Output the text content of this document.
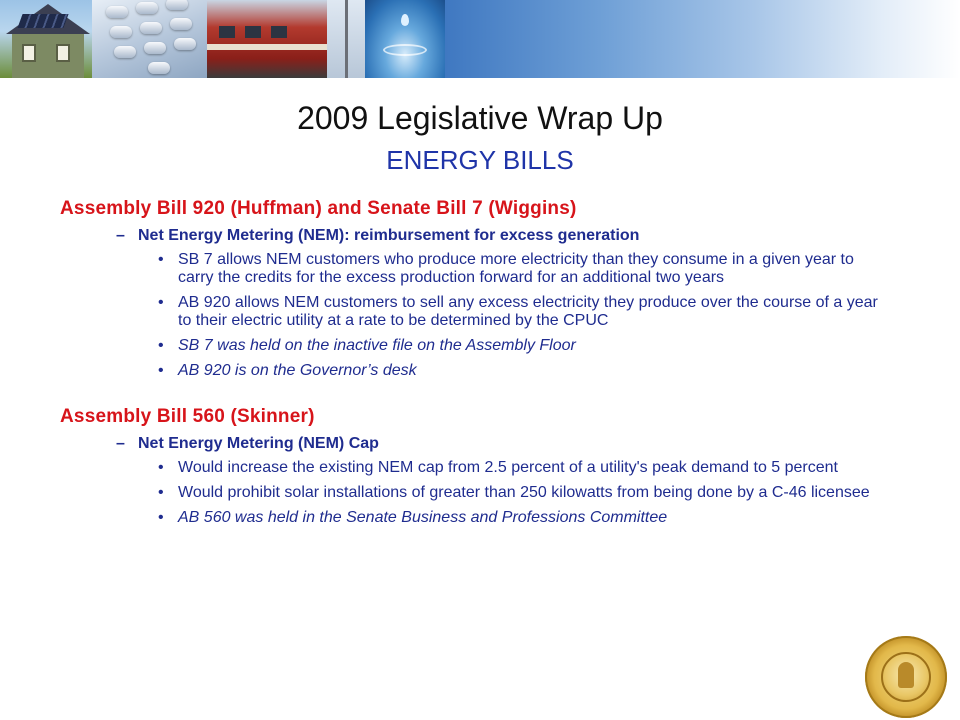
2009 Legislative Wrap Up
ENERGY BILLS
Assembly Bill 920 (Huffman) and Senate Bill 7 (Wiggins)
– Net Energy Metering (NEM): reimbursement for excess generation
• SB 7 allows NEM customers who produce more electricity than they consume in a given year to carry the credits for the excess production forward for an additional two years
• AB 920 allows NEM customers to sell any excess electricity they produce over the course of a year to their electric utility at a rate to be determined by the CPUC
• SB 7 was held on the inactive file on the Assembly Floor
• AB 920 is on the Governor’s desk
Assembly Bill 560 (Skinner)
– Net Energy Metering (NEM) Cap
• Would increase the existing NEM cap from 2.5 percent of a utility's peak demand to 5 percent
• Would prohibit solar installations of greater than 250 kilowatts from being done by a C-46 licensee
• AB 560 was held in the Senate Business and Professions Committee
